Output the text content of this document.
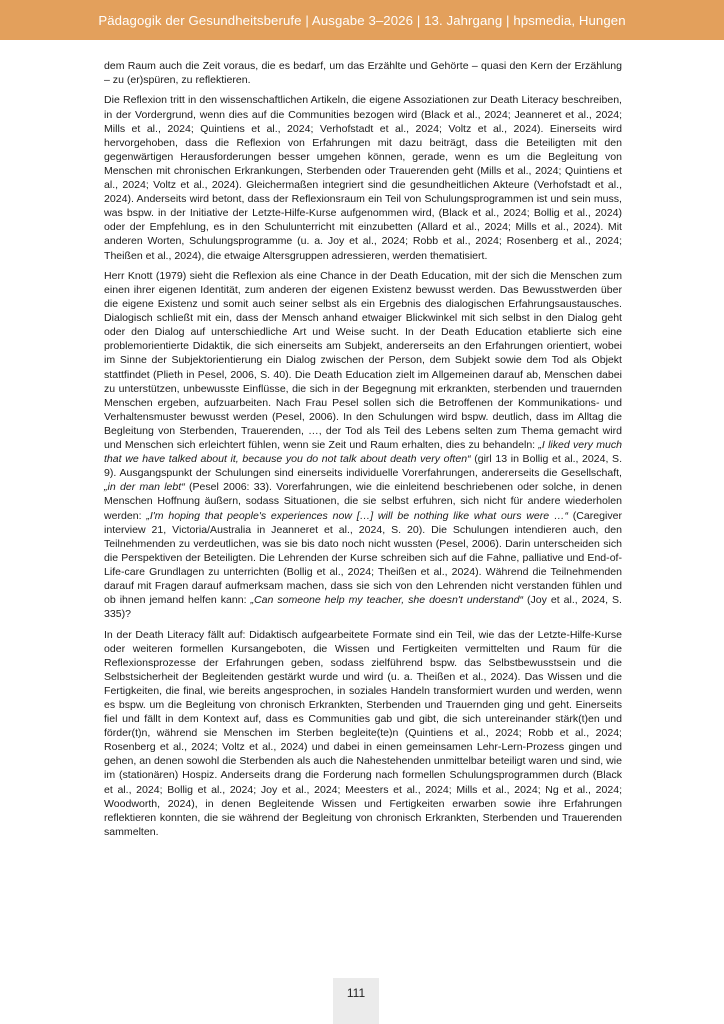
Pädagogik der Gesundheitsberufe | Ausgabe 3–2026 | 13. Jahrgang | hpsmedia, Hungen

dem Raum auch die Zeit voraus, die es bedarf, um das Erzählte und Gehörte – quasi den Kern der Erzählung – zu (er)spüren, zu reflektieren.

Die Reflexion tritt in den wissenschaftlichen Artikeln, die eigene Assoziationen zur Death Literacy beschreiben, in der Vordergrund, wenn dies auf die Communities bezogen wird (Black et al., 2024; Jeanneret et al., 2024; Mills et al., 2024; Quintiens et al., 2024; Verhofstadt et al., 2024; Voltz et al., 2024). Einerseits wird hervorgehoben, dass die Reflexion von Erfahrungen mit dazu beiträgt, dass die Beteiligten mit den gegenwärtigen Herausforderungen besser umgehen können, gerade, wenn es um die Begleitung von Menschen mit chronischen Erkrankungen, Sterbenden oder Trauerenden geht (Mills et al., 2024; Quintiens et al., 2024; Voltz et al., 2024). Gleichermaßen integriert sind die gesundheitlichen Akteure (Verhofstadt et al., 2024). Anderseits wird betont, dass der Reflexionsraum ein Teil von Schulungsprogrammen ist und sein muss, was bspw. in der Initiative der Letzte-Hilfe-Kurse aufgenommen wird, (Black et al., 2024; Bollig et al., 2024) oder der Empfehlung, es in den Schulunterricht mit einzubetten (Allard et al., 2024; Mills et al., 2024). Mit anderen Worten, Schulungsprogramme (u. a. Joy et al., 2024; Robb et al., 2024; Rosenberg et al., 2024; Theißen et al., 2024), die etwaige Altersgruppen adressieren, werden thematisiert.

Herr Knott (1979) sieht die Reflexion als eine Chance in der Death Education, mit der sich die Menschen zum einen ihrer eigenen Identität, zum anderen der eigenen Existenz bewusst werden. Das Bewusstwerden über die eigene Existenz und somit auch seiner selbst als ein Ergebnis des dialogischen Erfahrungsaustausches. Dialogisch schließt mit ein, dass der Mensch anhand etwaiger Blickwinkel mit sich selbst in den Dialog geht oder den Dialog auf unterschiedliche Art und Weise sucht. In der Death Education etablierte sich eine problemorientierte Didaktik, die sich einerseits am Subjekt, andererseits an den Erfahrungen orientiert, wobei im Sinne der Subjektorientierung ein Dialog zwischen der Person, dem Subjekt sowie dem Tod als Objekt stattfindet (Plieth in Pesel, 2006, S. 40). Die Death Education zielt im Allgemeinen darauf ab, Menschen dabei zu unterstützen, unbewusste Einflüsse, die sich in der Begegnung mit erkrankten, sterbenden und trauernden Menschen ergeben, aufzuarbeiten. Nach Frau Pesel sollen sich die Betroffenen der Kommunikations- und Verhaltensmuster bewusst werden (Pesel, 2006). In den Schulungen wird bspw. deutlich, dass im Alltag die Begleitung von Sterbenden, Trauerenden, …, der Tod als Teil des Lebens selten zum Thema gemacht wird und Menschen sich erleichtert fühlen, wenn sie Zeit und Raum erhalten, dies zu behandeln: „I liked very much that we have talked about it, because you do not talk about death very often“ (girl 13 in Bollig et al., 2024, S. 9). Ausgangspunkt der Schulungen sind einerseits individuelle Vorerfahrungen, andererseits die Gesellschaft, „in der man lebt“ (Pesel 2006: 33). Vorerfahrungen, wie die einleitend beschriebenen oder solche, in denen Menschen Hoffnung äußern, sodass Situationen, die sie selbst erfuhren, sich nicht für andere wiederholen werden: „I'm hoping that people's experiences now […] will be nothing like what ours were …“ (Caregiver interview 21, Victoria/Australia in Jeanneret et al., 2024, S. 20). Die Schulungen intendieren auch, den Teilnehmenden zu verdeutlichen, was sie bis dato noch nicht wussten (Pesel, 2006). Darin unterscheiden sich die Perspektiven der Beteiligten. Die Lehrenden der Kurse schreiben sich auf die Fahne, palliative und End-of-Life-care Grundlagen zu unterrichten (Bollig et al., 2024; Theißen et al., 2024). Während die Teilnehmenden darauf mit Fragen darauf aufmerksam machen, dass sie sich von den Lehrenden nicht verstanden fühlen und ob ihnen jemand helfen kann: „Can someone help my teacher, she doesn't understand“ (Joy et al., 2024, S. 335)?

In der Death Literacy fällt auf: Didaktisch aufgearbeitete Formate sind ein Teil, wie das der Letzte-Hilfe-Kurse oder weiteren formellen Kursangeboten, die Wissen und Fertigkeiten vermittelten und Raum für die Reflexionsprozesse der Erfahrungen geben, sodass zielführend bspw. das Selbstbewusstsein und die Selbstsicherheit der Begleitenden gestärkt wurde und wird (u. a. Theißen et al., 2024). Das Wissen und die Fertigkeiten, die final, wie bereits angesprochen, in soziales Handeln transformiert wurden und werden, wenn es bspw. um die Begleitung von chronisch Erkrankten, Sterbenden und Trauernden ging und geht. Einerseits fiel und fällt in dem Kontext auf, dass es Communities gab und gibt, die sich untereinander stärk(t)en und förder(t)n, während sie Menschen im Sterben begleite(te)n (Quintiens et al., 2024; Robb et al., 2024; Rosenberg et al., 2024; Voltz et al., 2024) und dabei in einen gemeinsamen Lehr-Lern-Prozess gingen und gehen, an denen sowohl die Sterbenden als auch die Nahestehenden unmittelbar beteiligt waren und sind, wie im (stationären) Hospiz. Anderseits drang die Forderung nach formellen Schulungsprogrammen durch (Black et al., 2024; Bollig et al., 2024; Joy et al., 2024; Meesters et al., 2024; Mills et al., 2024; Ng et al., 2024; Woodworth, 2024), in denen Begleitende Wissen und Fertigkeiten erwarben sowie ihre Erfahrungen reflektieren konnten, die sie während der Begleitung von chronisch Erkrankten, Sterbenden und Trauerenden sammelten.

111
